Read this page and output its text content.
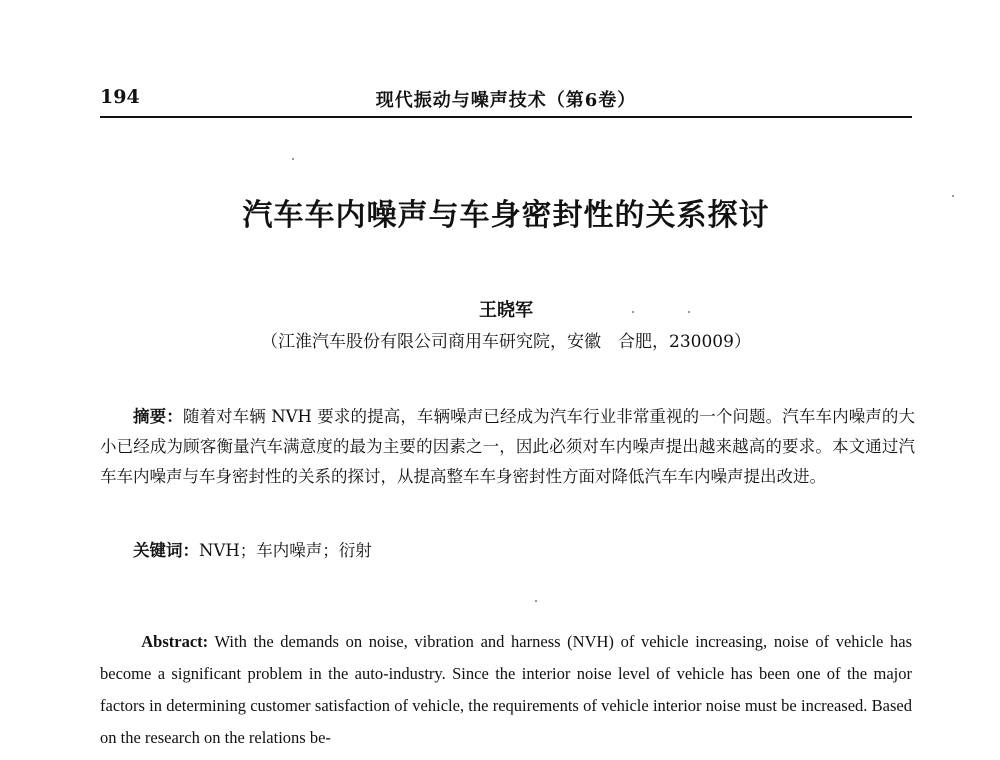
194	现代振动与噪声技术（第6卷）
汽车车内噪声与车身密封性的关系探讨
王晓军
（江淮汽车股份有限公司商用车研究院，安徽　合肥，230009）
摘要：随着对车辆 NVH 要求的提高，车辆噪声已经成为汽车行业非常重视的一个问题。汽车车内噪声的大小已经成为顾客衡量汽车满意度的最为主要的因素之一，因此必须对车内噪声提出越来越高的要求。本文通过汽车车内噪声与车身密封性的关系的探讨，从提高整车车身密封性方面对降低汽车车内噪声提出改进。
关键词：NVH；车内噪声；衍射
Abstract: With the demands on noise, vibration and harness (NVH) of vehicle increasing, noise of vehicle has become a significant problem in the auto-industry. Since the interior noise level of vehicle has been one of the major factors in determining customer satisfaction of vehicle, the requirements of vehicle interior noise must be increased. Based on the research on the relations be-
